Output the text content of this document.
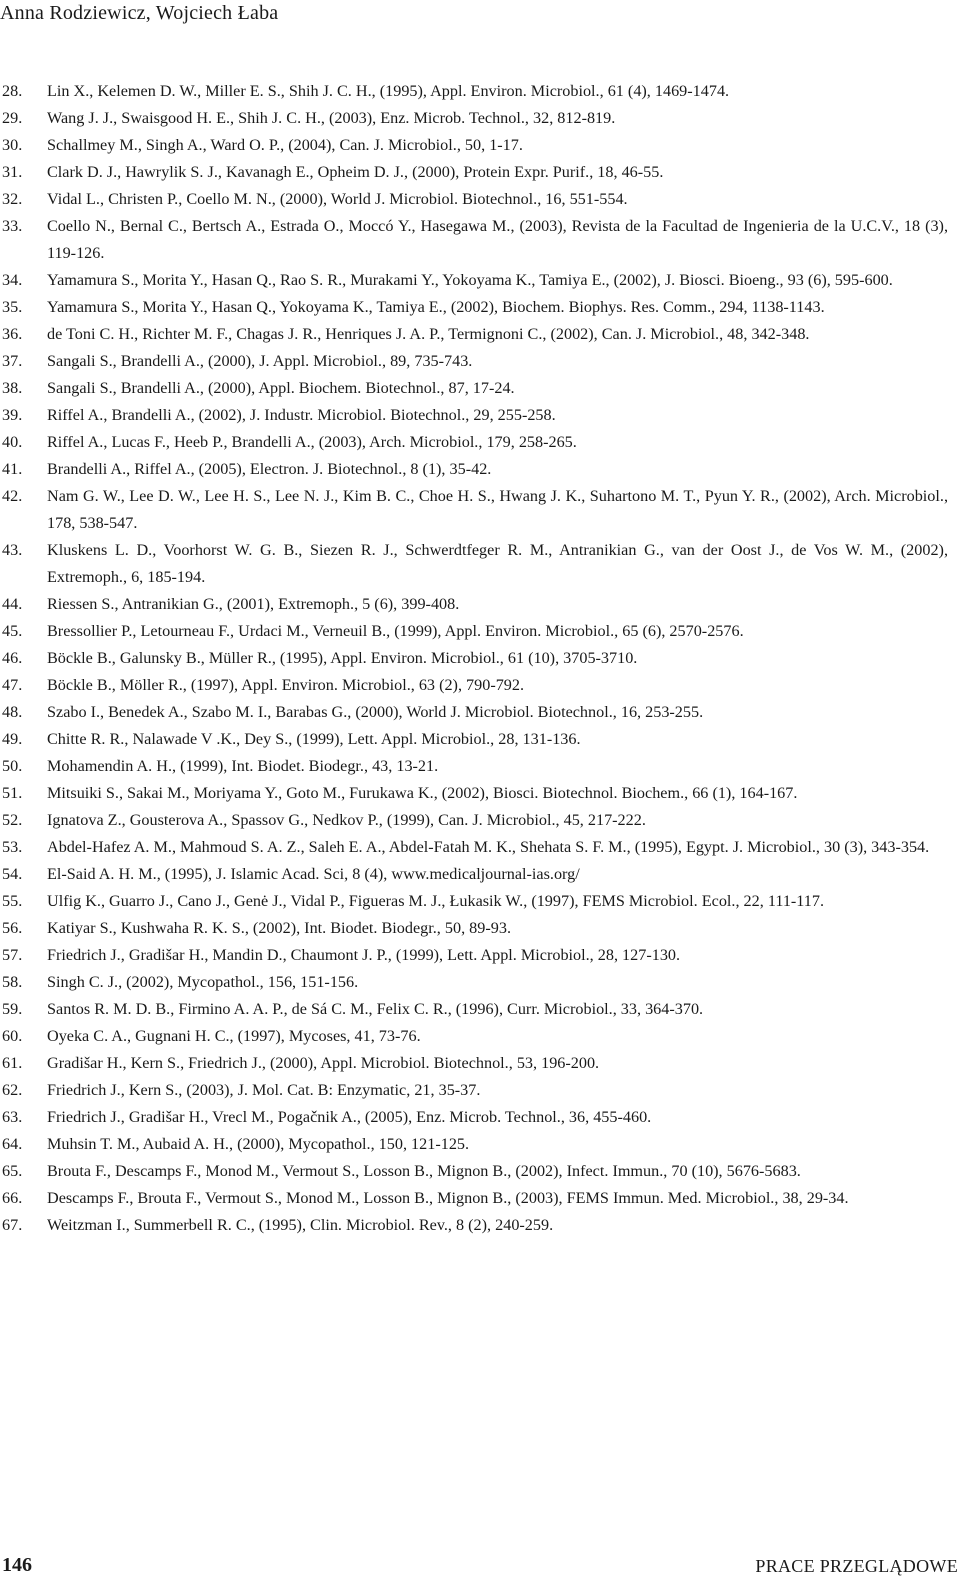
Anna Rodziewicz, Wojciech Łaba
28.	Lin X., Kelemen D. W., Miller E. S., Shih J. C. H., (1995), Appl. Environ. Microbiol., 61 (4), 1469-1474.
29.	Wang J. J., Swaisgood H. E., Shih J. C. H., (2003), Enz. Microb. Technol., 32, 812-819.
30.	Schallmey M., Singh A., Ward O. P., (2004), Can. J. Microbiol., 50, 1-17.
31.	Clark D. J., Hawrylik S. J., Kavanagh E., Opheim D. J., (2000), Protein Expr. Purif., 18, 46-55.
32.	Vidal L., Christen P., Coello M. N., (2000), World J. Microbiol. Biotechnol., 16, 551-554.
33.	Coello N., Bernal C., Bertsch A., Estrada O., Moccó Y., Hasegawa M., (2003), Revista de la Facultad de Ingenieria de la U.C.V., 18 (3), 119-126.
34.	Yamamura S., Morita Y., Hasan Q., Rao S. R., Murakami Y., Yokoyama K., Tamiya E., (2002), J. Biosci. Bioeng., 93 (6), 595-600.
35.	Yamamura S., Morita Y., Hasan Q., Yokoyama K., Tamiya E., (2002), Biochem. Biophys. Res. Comm., 294, 1138-1143.
36.	de Toni C. H., Richter M. F., Chagas J. R., Henriques J. A. P., Termignoni C., (2002), Can. J. Microbiol., 48, 342-348.
37.	Sangali S., Brandelli A., (2000), J. Appl. Microbiol., 89, 735-743.
38.	Sangali S., Brandelli A., (2000), Appl. Biochem. Biotechnol., 87, 17-24.
39.	Riffel A., Brandelli A., (2002), J. Industr. Microbiol. Biotechnol., 29, 255-258.
40.	Riffel A., Lucas F., Heeb P., Brandelli A., (2003), Arch. Microbiol., 179, 258-265.
41.	Brandelli A., Riffel A., (2005), Electron. J. Biotechnol., 8 (1), 35-42.
42.	Nam G. W., Lee D. W., Lee H. S., Lee N. J., Kim B. C., Choe H. S., Hwang J. K., Suhartono M. T., Pyun Y. R., (2002), Arch. Microbiol., 178, 538-547.
43.	Kluskens L. D., Voorhorst W. G. B., Siezen R. J., Schwerdtfeger R. M., Antranikian G., van der Oost J., de Vos W. M., (2002), Extremoph., 6, 185-194.
44.	Riessen S., Antranikian G., (2001), Extremoph., 5 (6), 399-408.
45.	Bressollier P., Letourneau F., Urdaci M., Verneuil B., (1999), Appl. Environ. Microbiol., 65 (6), 2570-2576.
46.	Böckle B., Galunsky B., Müller R., (1995), Appl. Environ. Microbiol., 61 (10), 3705-3710.
47.	Böckle B., Möller R., (1997), Appl. Environ. Microbiol., 63 (2), 790-792.
48.	Szabo I., Benedek A., Szabo M. I., Barabas G., (2000), World J. Microbiol. Biotechnol., 16, 253-255.
49.	Chitte R. R., Nalawade V .K., Dey S., (1999), Lett. Appl. Microbiol., 28, 131-136.
50.	Mohamendin A. H., (1999), Int. Biodet. Biodegr., 43, 13-21.
51.	Mitsuiki S., Sakai M., Moriyama Y., Goto M., Furukawa K., (2002), Biosci. Biotechnol. Biochem., 66 (1), 164-167.
52.	Ignatova Z., Gousterova A., Spassov G., Nedkov P., (1999), Can. J. Microbiol., 45, 217-222.
53.	Abdel-Hafez A. M., Mahmoud S. A. Z., Saleh E. A., Abdel-Fatah M. K., Shehata S. F. M., (1995), Egypt. J. Microbiol., 30 (3), 343-354.
54.	El-Said A. H. M., (1995), J. Islamic Acad. Sci, 8 (4), www.medicaljournal-ias.org/
55.	Ulfig K., Guarro J., Cano J., Genė J., Vidal P., Figueras M. J., Łukasik W., (1997), FEMS Microbiol. Ecol., 22, 111-117.
56.	Katiyar S., Kushwaha R. K. S., (2002), Int. Biodet. Biodegr., 50, 89-93.
57.	Friedrich J., Gradišar H., Mandin D., Chaumont J. P., (1999), Lett. Appl. Microbiol., 28, 127-130.
58.	Singh C. J., (2002), Mycopathol., 156, 151-156.
59.	Santos R. M. D. B., Firmino A. A. P., de Sá C. M., Felix C. R., (1996), Curr. Microbiol., 33, 364-370.
60.	Oyeka C. A., Gugnani H. C., (1997), Mycoses, 41, 73-76.
61.	Gradišar H., Kern S., Friedrich J., (2000), Appl. Microbiol. Biotechnol., 53, 196-200.
62.	Friedrich J., Kern S., (2003), J. Mol. Cat. B: Enzymatic, 21, 35-37.
63.	Friedrich J., Gradišar H., Vrecl M., Pogačnik A., (2005), Enz. Microb. Technol., 36, 455-460.
64.	Muhsin T. M., Aubaid A. H., (2000), Mycopathol., 150, 121-125.
65.	Brouta F., Descamps F., Monod M., Vermout S., Losson B., Mignon B., (2002), Infect. Immun., 70 (10), 5676-5683.
66.	Descamps F., Brouta F., Vermout S., Monod M., Losson B., Mignon B., (2003), FEMS Immun. Med. Microbiol., 38, 29-34.
67.	Weitzman I., Summerbell R. C., (1995), Clin. Microbiol. Rev., 8 (2), 240-259.
146	PRACE PRZEGLĄDOWE
